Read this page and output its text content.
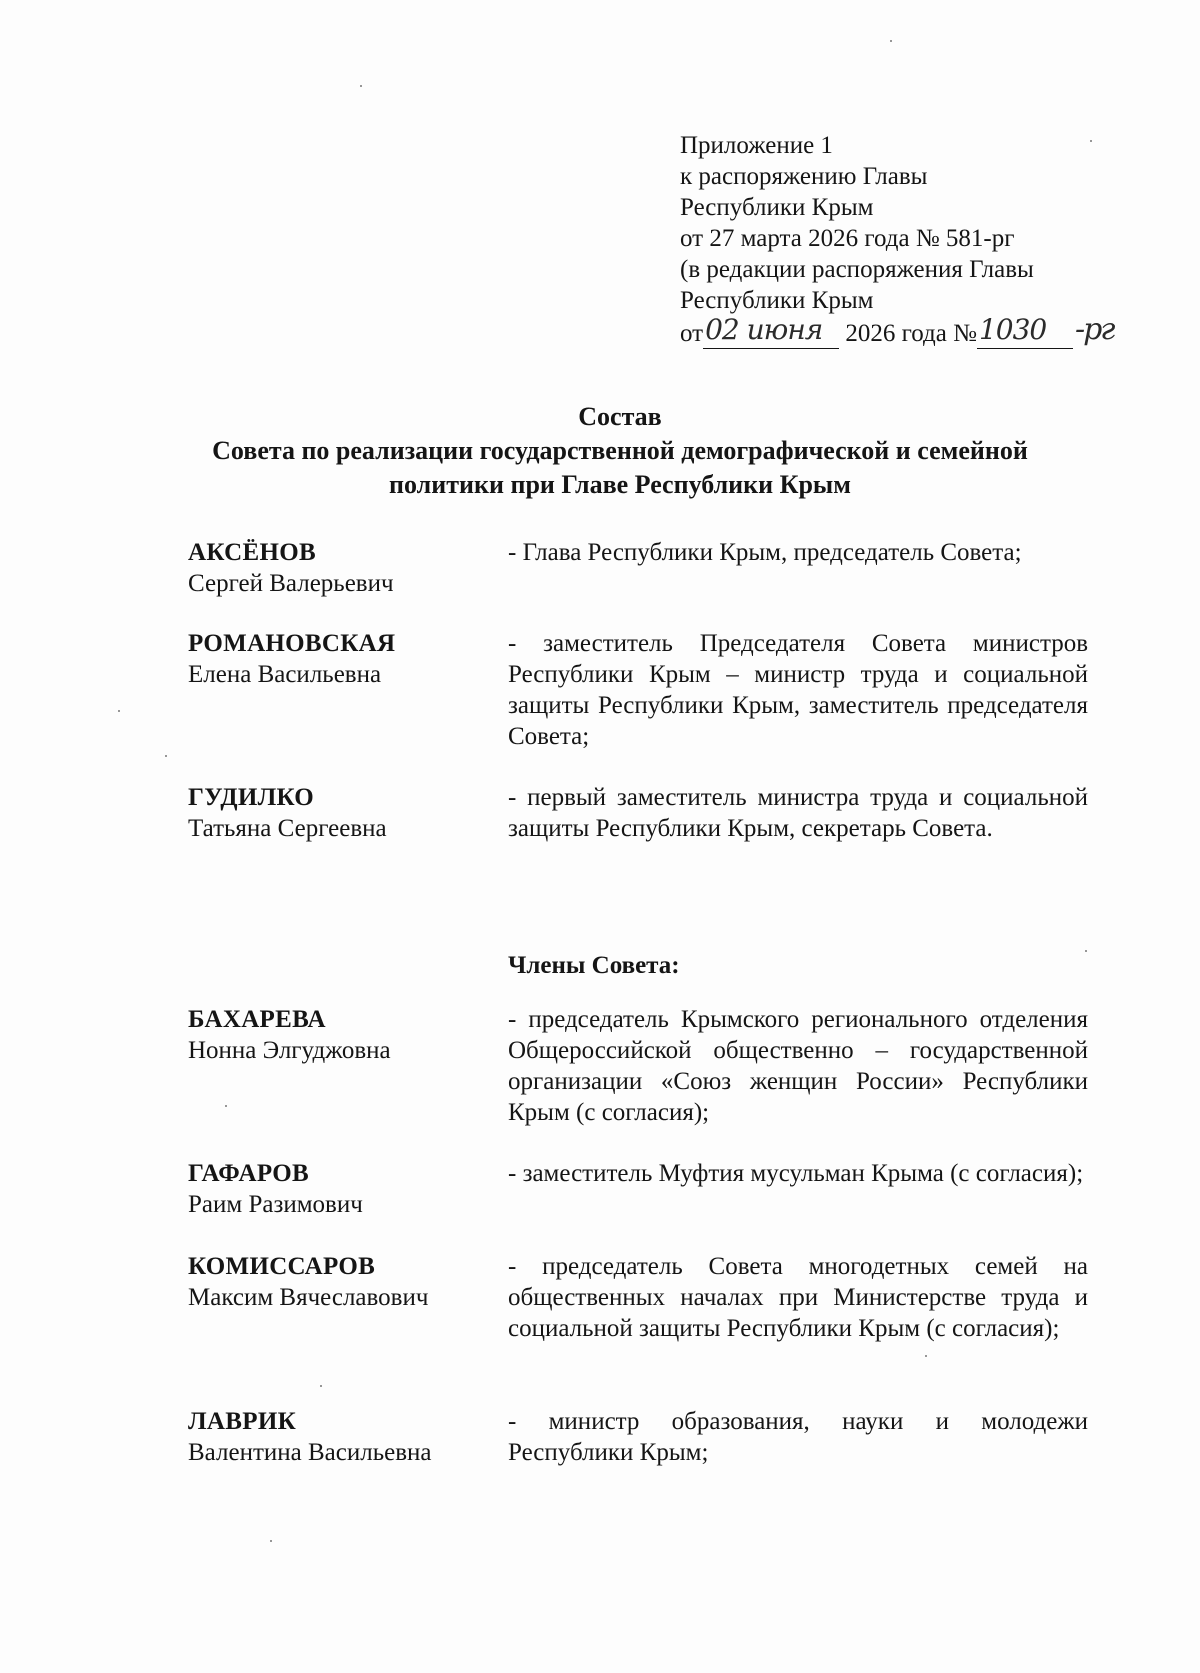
Приложение 1
к распоряжению Главы
Республики Крым
от 27 марта 2026 года № 581-рг
(в редакции распоряжения Главы
Республики Крым
от02 июня 2026 года №1030 -рг
Состав
Совета по реализации государственной демографической и семейной
политики при Главе Республики Крым
АКСЁНОВ
Сергей Валерьевич
- Глава Республики Крым, председатель Совета;
РОМАНОВСКАЯ
Елена Васильевна
- заместитель Председателя Совета министров Республики Крым – министр труда и социальной защиты Республики Крым, заместитель председателя Совета;
ГУДИЛКО
Татьяна Сергеевна
- первый заместитель министра труда и социальной защиты Республики Крым, секретарь Совета.
Члены Совета:
БАХАРЕВА
Нонна Элгуджовна
- председатель Крымского регионального отделения Общероссийской общественно – государственной организации «Союз женщин России» Республики Крым (с согласия);
ГАФАРОВ
Раим Разимович
- заместитель Муфтия мусульман Крыма (с согласия);
КОМИССАРОВ
Максим Вячеславович
- председатель Совета многодетных семей на общественных началах при Министерстве труда и социальной защиты Республики Крым (с согласия);
ЛАВРИК
Валентина Васильевна
- министр образования, науки и молодежи Республики Крым;
